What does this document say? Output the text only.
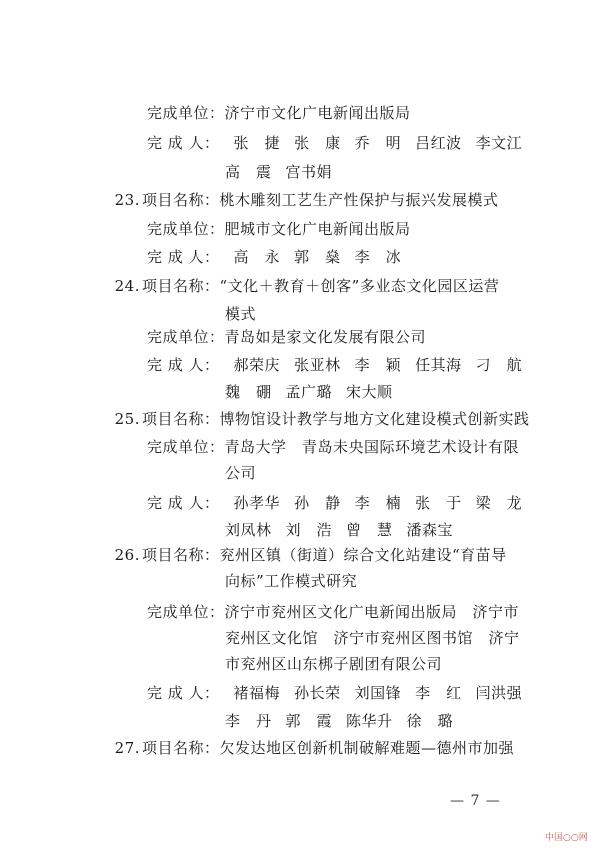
完成单位：济宁市文化广电新闻出版局
完 成 人： 张　捷 张　康 乔　明 吕红波 李文江
高　震 宫书娟
23. 项目名称：桃木雕刻工艺生产性保护与振兴发展模式
完成单位：肥城市文化广电新闻出版局
完 成 人： 高　永 郭　燊 李　冰
24. 项目名称：“文化＋教育＋创客”多业态文化园区运营
模式
完成单位：青岛如是家文化发展有限公司
完 成 人： 郝荣庆 张亚林 李　颖 任其海 刁　航
魏　硼 孟广璐 宋大顺
25. 项目名称：博物馆设计教学与地方文化建设模式创新实践
完成单位：青岛大学　青岛未央国际环境艺术设计有限
公司
完 成 人： 孙孝华 孙　静 李　楠 张　于 梁　龙
刘凤林 刘　浩 曾　慧 潘森宝
26. 项目名称：兖州区镇（街道）综合文化站建设“育苗导
向标”工作模式研究
完成单位：济宁市兖州区文化广电新闻出版局　济宁市
兖州区文化馆　济宁市兖州区图书馆　济宁
市兖州区山东梆子剧团有限公司
完 成 人： 褚福梅 孙长荣 刘国锋 李　红 闫洪强
李　丹 郭　霞 陈华升 徐　璐
27. 项目名称：欠发达地区创新机制破解难题—德州市加强
— 7 —
中国○○网
